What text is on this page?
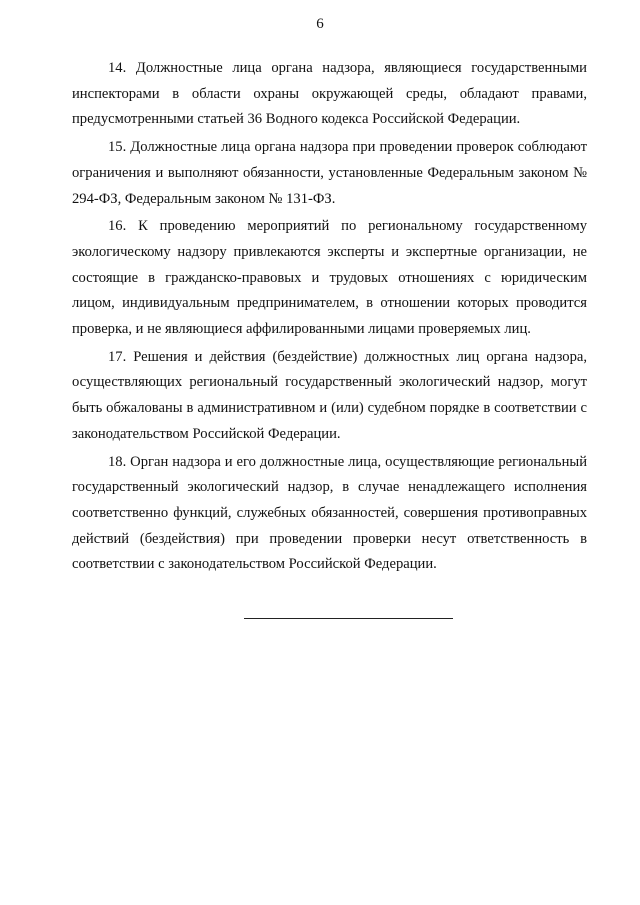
6

14. Должностные лица органа надзора, являющиеся государственными инспекторами в области охраны окружающей среды, обладают правами, предусмотренными статьей 36 Водного кодекса Российской Федерации.

15. Должностные лица органа надзора при проведении проверок соблюдают ограничения и выполняют обязанности, установленные Федеральным законом № 294-ФЗ, Федеральным законом № 131-ФЗ.

16. К проведению мероприятий по региональному государственному экологическому надзору привлекаются эксперты и экспертные организации, не состоящие в гражданско-правовых и трудовых отношениях с юридическим лицом, индивидуальным предпринимателем, в отношении которых проводится проверка, и не являющиеся аффилированными лицами проверяемых лиц.

17. Решения и действия (бездействие) должностных лиц органа надзора, осуществляющих региональный государственный экологический надзор, могут быть обжалованы в административном и (или) судебном порядке в соответствии с законодательством Российской Федерации.

18. Орган надзора и его должностные лица, осуществляющие региональный государственный экологический надзор, в случае ненадлежащего исполнения соответственно функций, служебных обязанностей, совершения противоправных действий (бездействия) при проведении проверки несут ответственность в соответствии с законодательством Российской Федерации.
